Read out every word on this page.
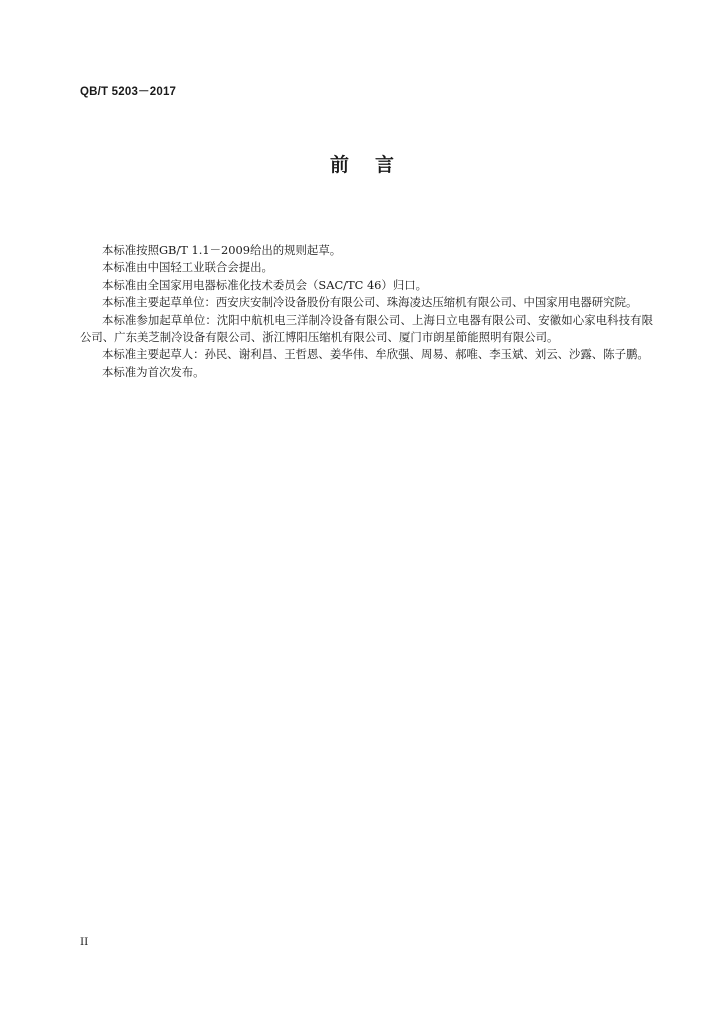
QB/T 5203－2017
前言

本标准按照GB/T 1.1－2009给出的规则起草。

本标准由中国轻工业联合会提出。

本标准由全国家用电器标准化技术委员会（SAC/TC 46）归口。

本标准主要起草单位：西安庆安制冷设备股份有限公司、珠海凌达压缩机有限公司、中国家用电器研究院。

本标准参加起草单位：沈阳中航机电三洋制冷设备有限公司、上海日立电器有限公司、安徽如心家电科技有限公司、广东美芝制冷设备有限公司、浙江博阳压缩机有限公司、厦门市朗星節能照明有限公司。

本标准主要起草人：孙民、谢利昌、王哲恩、姜华伟、牟欣强、周易、郝唯、李玉斌、刘云、沙露、陈子鹏。

本标准为首次发布。

II
